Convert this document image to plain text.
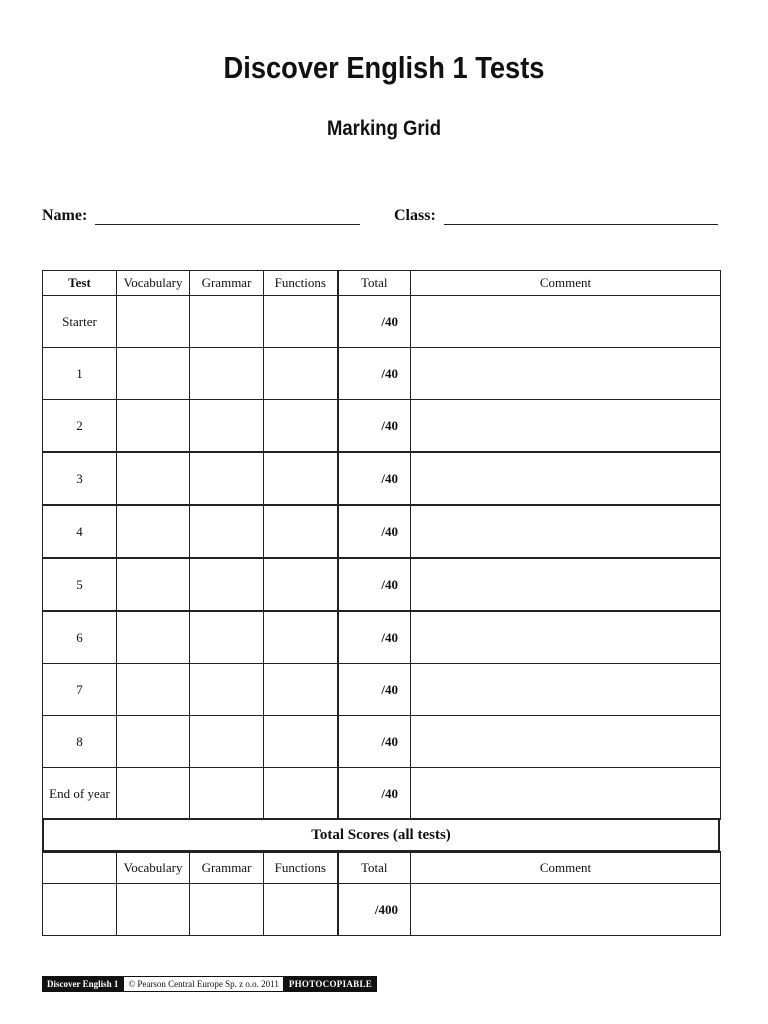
Discover English 1 Tests
Marking Grid
Name:	Class:
Test	Vocabulary	Grammar	Functions	Total	Comment
Starter				/40	
1				/40	
2				/40	
3				/40	
4				/40	
5				/40	
6				/40	
7				/40	
8				/40	
End of year				/40	
Total Scores (all tests)
	Vocabulary	Grammar	Functions	Total	Comment
				/400	
Discover English 1	© Pearson Central Europe Sp. z o.o. 2011	PHOTOCOPIABLE
